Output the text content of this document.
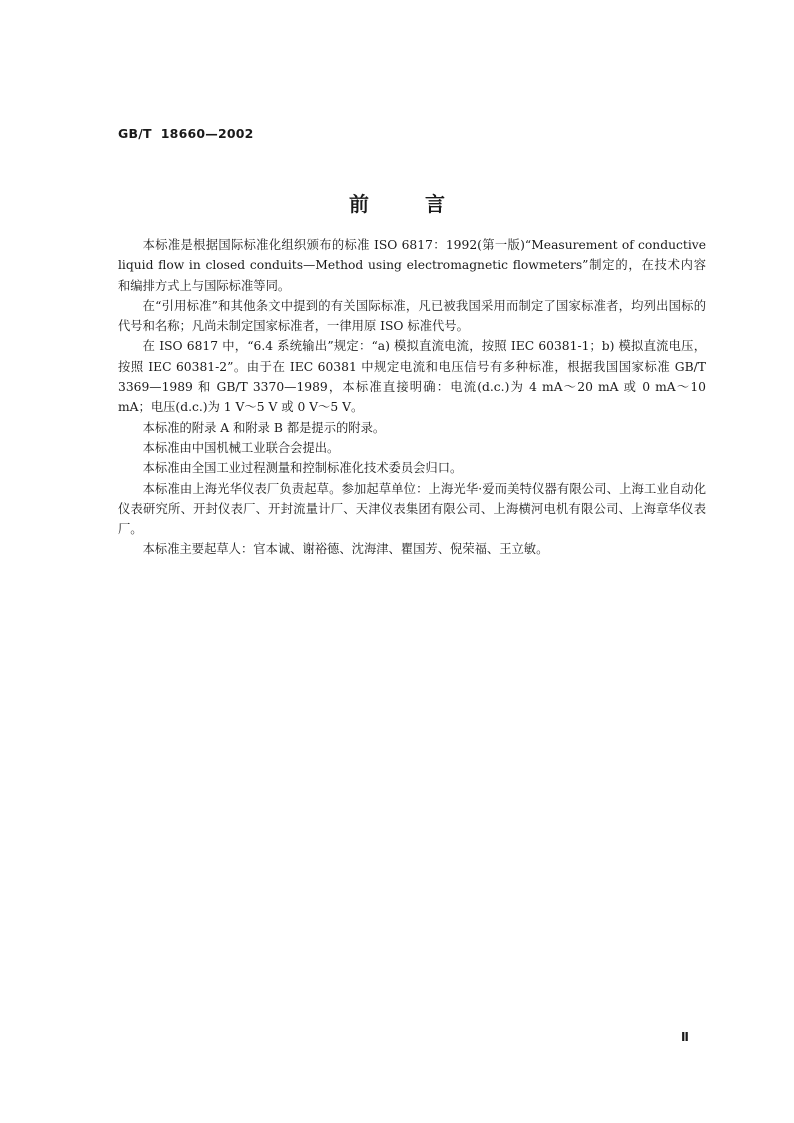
GB/T  18660—2002
前言

本标准是根据国际标准化组织颁布的标准 ISO 6817：1992(第一版)“Measurement of conductive liquid flow in closed conduits—Method using electromagnetic flowmeters”制定的，在技术内容和编排方式上与国际标准等同。

在“引用标准”和其他条文中提到的有关国际标准，凡已被我国采用而制定了国家标准者，均列出国标的代号和名称；凡尚未制定国家标准者，一律用原 ISO 标准代号。

在 ISO 6817 中，“6.4 系统输出”规定：“a) 模拟直流电流，按照 IEC 60381-1；b) 模拟直流电压，按照 IEC 60381-2”。由于在 IEC 60381 中规定电流和电压信号有多种标准，根据我国国家标准 GB/T 3369—1989 和 GB/T 3370—1989，本标准直接明确：电流(d.c.)为 4 mA～20 mA 或 0 mA～10 mA；电压(d.c.)为 1 V～5 V 或 0 V～5 V。

本标准的附录 A 和附录 B 都是提示的附录。

本标准由中国机械工业联合会提出。

本标准由全国工业过程测量和控制标准化技术委员会归口。

本标准由上海光华仪表厂负责起草。参加起草单位：上海光华·爱而美特仪器有限公司、上海工业自动化仪表研究所、开封仪表厂、开封流量计厂、天津仪表集团有限公司、上海横河电机有限公司、上海章华仪表厂。

本标准主要起草人：官本诚、谢裕德、沈海津、瞿国芳、倪荣福、王立敏。

Ⅱ
